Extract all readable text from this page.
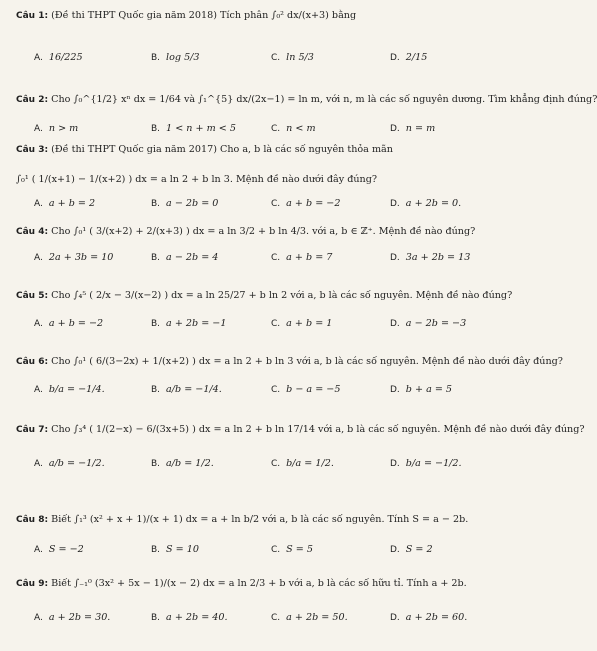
Câu 1: (Đề thi THPT Quốc gia năm 2018) Tích phân ∫₀² dx/(x+3) bằng
A. 16/225	B. log 5/3	C. ln 5/3	D. 2/15
Câu 2: Cho ∫₀^{1/2} xⁿ dx = 1/64 và ∫₁^{5} dx/(2x−1) = ln m, với n, m là các số nguyên dương. Tìm khẳng định đúng?
A. n > m	B. 1 < n + m < 5	C. n < m	D. n = m
Câu 3: (Đề thi THPT Quốc gia năm 2017) Cho a, b là các số nguyên thỏa mãn
∫₀¹ ( 1/(x+1) − 1/(x+2) ) dx = a ln 2 + b ln 3. Mệnh đề nào dưới đây đúng?
A. a + b = 2	B. a − 2b = 0	C. a + b = −2	D. a + 2b = 0.
Câu 4: Cho ∫₀¹ ( 3/(x+2) + 2/(x+3) ) dx = a ln 3/2 + b ln 4/3. với a, b ∈ ℤ⁺. Mệnh đề nào đúng?
A. 2a + 3b = 10	B. a − 2b = 4	C. a + b = 7	D. 3a + 2b = 13
Câu 5: Cho ∫₄⁵ ( 2/x − 3/(x−2) ) dx = a ln 25/27 + b ln 2 với a, b là các số nguyên. Mệnh đề nào đúng?
A. a + b = −2	B. a + 2b = −1	C. a + b = 1	D. a − 2b = −3
Câu 6: Cho ∫₀¹ ( 6/(3−2x) + 1/(x+2) ) dx = a ln 2 + b ln 3 với a, b là các số nguyên. Mệnh đề nào dưới đây đúng?
A. b/a = −1/4.	B. a/b = −1/4.	C. b − a = −5	D. b + a = 5
Câu 7: Cho ∫₃⁴ ( 1/(2−x) − 6/(3x+5) ) dx = a ln 2 + b ln 17/14 với a, b là các số nguyên. Mệnh đề nào dưới đây đúng?
A. a/b = −1/2.	B. a/b = 1/2.	C. b/a = 1/2.	D. b/a = −1/2.
Câu 8: Biết ∫₁³ (x² + x + 1)/(x + 1) dx = a + ln b/2 với a, b là các số nguyên. Tính S = a − 2b.
A. S = −2	B. S = 10	C. S = 5	D. S = 2
Câu 9: Biết ∫₋₁⁰ (3x² + 5x − 1)/(x − 2) dx = a ln 2/3 + b với a, b là các số hữu tỉ. Tính a + 2b.
A. a + 2b = 30.	B. a + 2b = 40.	C. a + 2b = 50.	D. a + 2b = 60.
